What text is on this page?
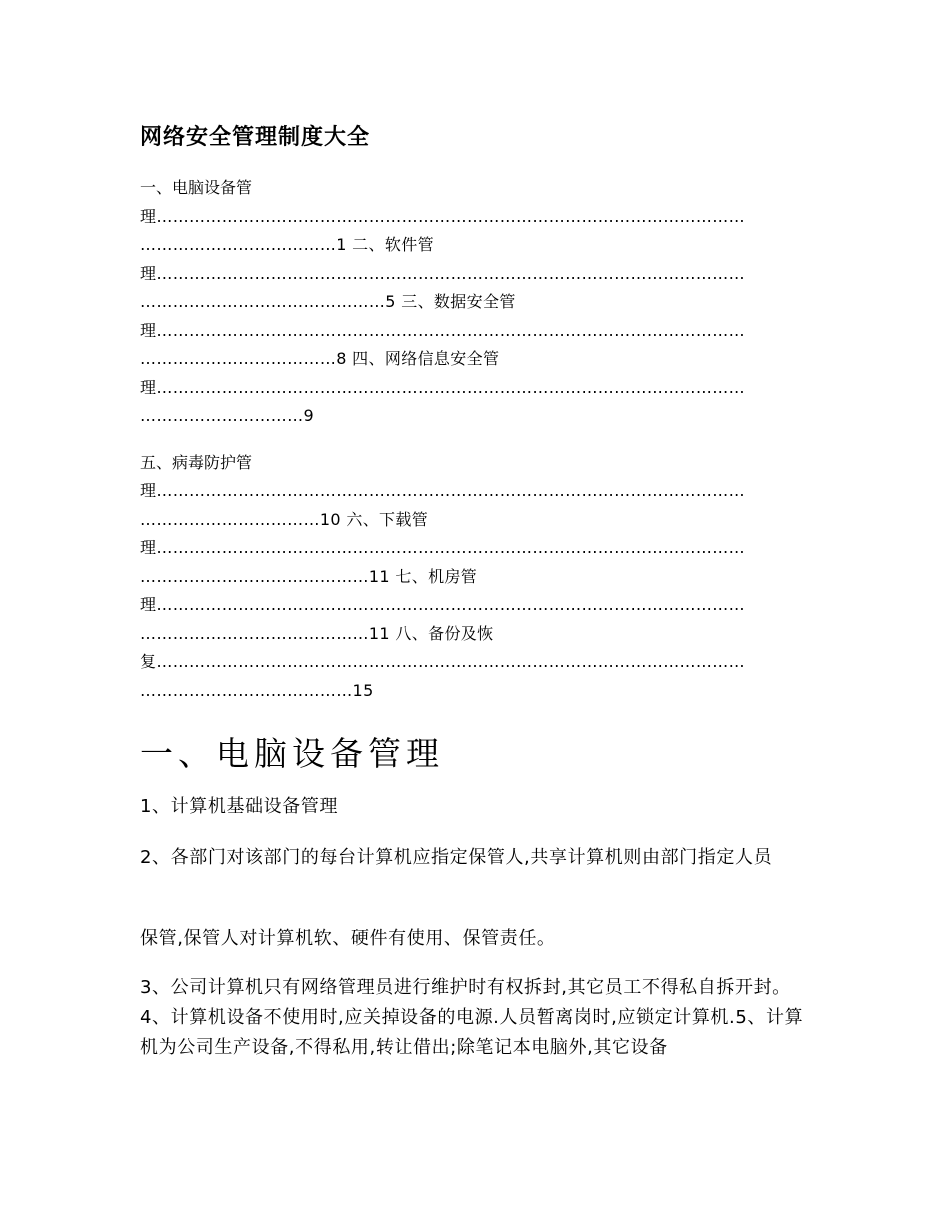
网络安全管理制度大全
一、电脑设备管
理………………………………………………………………………………………………
………………………………1 二、软件管
理………………………………………………………………………………………………
………………………………………5 三、数据安全管
理………………………………………………………………………………………………
………………………………8 四、网络信息安全管
理………………………………………………………………………………………………
…………………………9
五、病毒防护管
理………………………………………………………………………………………………
……………………………10 六、下载管
理………………………………………………………………………………………………
……………………………………11 七、机房管
理………………………………………………………………………………………………
……………………………………11 八、备份及恢
复………………………………………………………………………………………………
…………………………………15
一、电脑设备管理

1、计算机基础设备管理

2、各部门对该部门的每台计算机应指定保管人,共享计算机则由部门指定人员

保管,保管人对计算机软、硬件有使用、保管责任。

3、公司计算机只有网络管理员进行维护时有权拆封,其它员工不得私自拆开封。4、计算机设备不使用时,应关掉设备的电源.人员暂离岗时,应锁定计算机.5、计算机为公司生产设备,不得私用,转让借出;除笔记本电脑外,其它设备
